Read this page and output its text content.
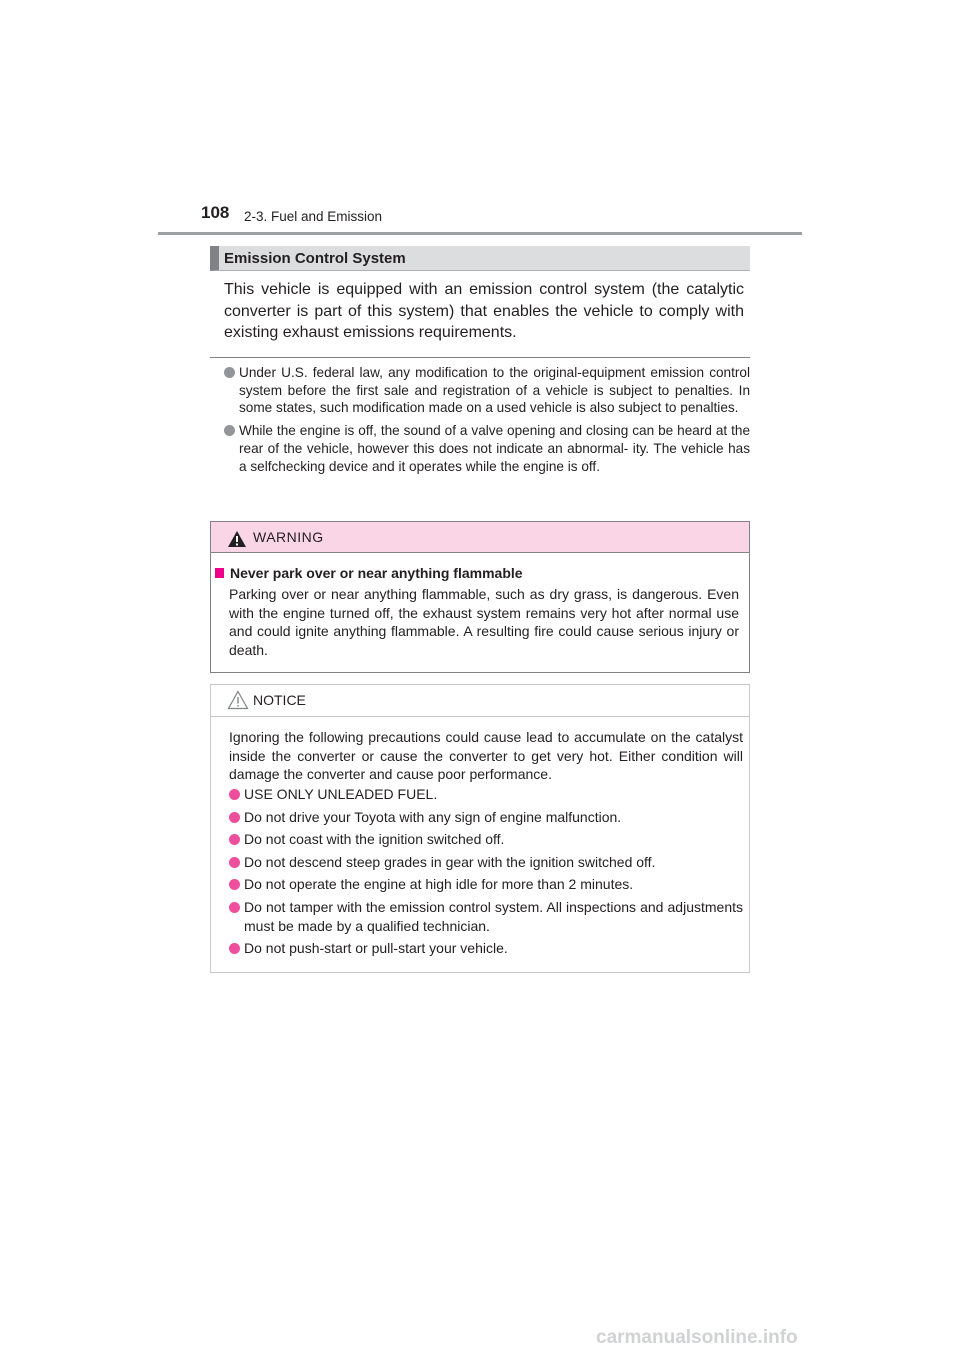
108 2-3. Fuel and Emission
Emission Control System
This vehicle is equipped with an emission control system (the catalytic converter is part of this system) that enables the vehicle to comply with existing exhaust emissions requirements.
Under U.S. federal law, any modification to the original-equipment emission control system before the first sale and registration of a vehicle is subject to penalties. In some states, such modification made on a used vehicle is also subject to penalties.
While the engine is off, the sound of a valve opening and closing can be heard at the rear of the vehicle, however this does not indicate an abnormal- ity. The vehicle has a selfchecking device and it operates while the engine is off.
WARNING
Never park over or near anything flammable
Parking over or near anything flammable, such as dry grass, is dangerous. Even with the engine turned off, the exhaust system remains very hot after normal use and could ignite anything flammable. A resulting fire could cause serious injury or death.
NOTICE
Ignoring the following precautions could cause lead to accumulate on the catalyst inside the converter or cause the converter to get very hot. Either condition will damage the converter and cause poor performance.
USE ONLY UNLEADED FUEL.
Do not drive your Toyota with any sign of engine malfunction.
Do not coast with the ignition switched off.
Do not descend steep grades in gear with the ignition switched off.
Do not operate the engine at high idle for more than 2 minutes.
Do not tamper with the emission control system. All inspections and adjustments must be made by a qualified technician.
Do not push-start or pull-start your vehicle.
carmanualsonline.info
